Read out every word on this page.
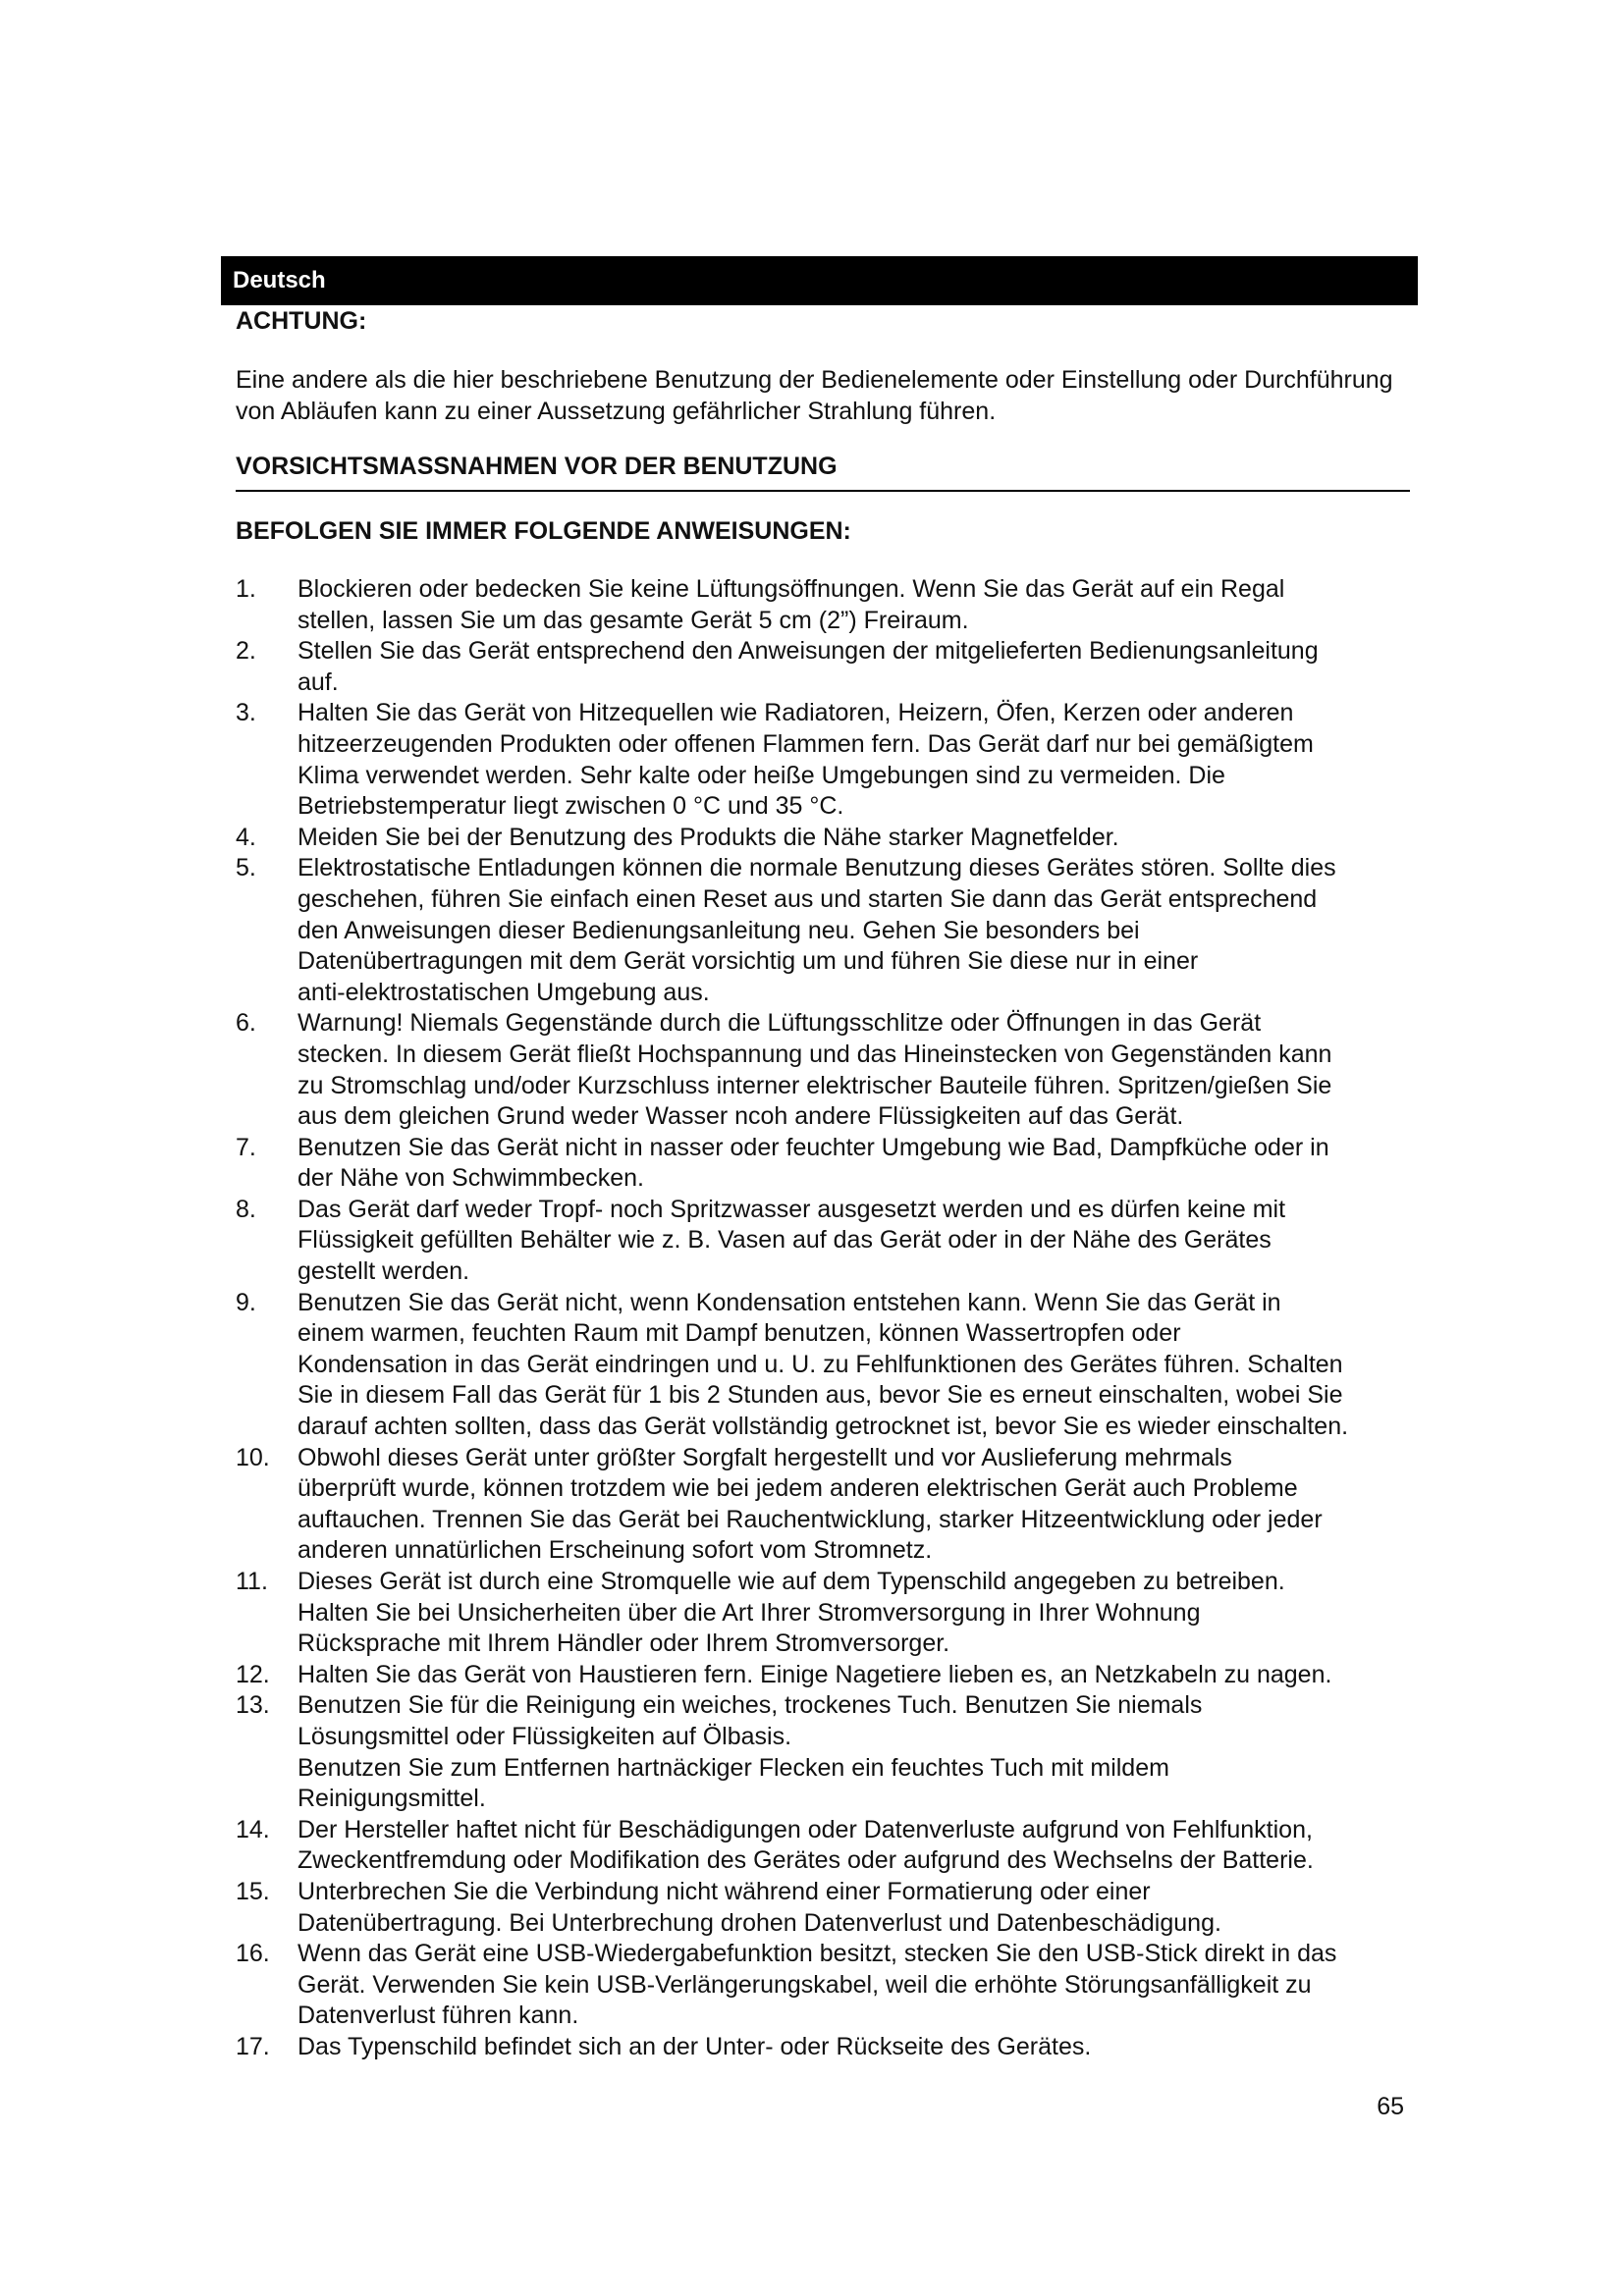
Deutsch

ACHTUNG:

Eine andere als die hier beschriebene Benutzung der Bedienelemente oder Einstellung oder Durchführung von Abläufen kann zu einer Aussetzung gefährlicher Strahlung führen.

VORSICHTSMASSNAHMEN VOR DER BENUTZUNG
BEFOLGEN SIE IMMER FOLGENDE ANWEISUNGEN:
1.	Blockieren oder bedecken Sie keine Lüftungsöffnungen. Wenn Sie das Gerät auf ein Regal
stellen, lassen Sie um das gesamte Gerät 5 cm (2”) Freiraum.
2.	Stellen Sie das Gerät entsprechend den Anweisungen der mitgelieferten Bedienungsanleitung
auf.
3.	Halten Sie das Gerät von Hitzequellen wie Radiatoren, Heizern, Öfen, Kerzen oder anderen
hitzeerzeugenden Produkten oder offenen Flammen fern. Das Gerät darf nur bei gemäßigtem
Klima verwendet werden. Sehr kalte oder heiße Umgebungen sind zu vermeiden. Die
Betriebstemperatur liegt zwischen 0 °C und 35 °C.
4.	Meiden Sie bei der Benutzung des Produkts die Nähe starker Magnetfelder.
5.	Elektrostatische Entladungen können die normale Benutzung dieses Gerätes stören. Sollte dies
geschehen, führen Sie einfach einen Reset aus und starten Sie dann das Gerät entsprechend
den Anweisungen dieser Bedienungsanleitung neu. Gehen Sie besonders bei
Datenübertragungen mit dem Gerät vorsichtig um und führen Sie diese nur in einer
anti-elektrostatischen Umgebung aus.
6.	Warnung! Niemals Gegenstände durch die Lüftungsschlitze oder Öffnungen in das Gerät
stecken. In diesem Gerät fließt Hochspannung und das Hineinstecken von Gegenständen kann
zu Stromschlag und/oder Kurzschluss interner elektrischer Bauteile führen. Spritzen/gießen Sie
aus dem gleichen Grund weder Wasser ncoh andere Flüssigkeiten auf das Gerät.
7.	Benutzen Sie das Gerät nicht in nasser oder feuchter Umgebung wie Bad, Dampfküche oder in
der Nähe von Schwimmbecken.
8.	Das Gerät darf weder Tropf- noch Spritzwasser ausgesetzt werden und es dürfen keine mit
Flüssigkeit gefüllten Behälter wie z. B. Vasen auf das Gerät oder in der Nähe des Gerätes
gestellt werden.
9.	Benutzen Sie das Gerät nicht, wenn Kondensation entstehen kann. Wenn Sie das Gerät in
einem warmen, feuchten Raum mit Dampf benutzen, können Wassertropfen oder
Kondensation in das Gerät eindringen und u. U. zu Fehlfunktionen des Gerätes führen. Schalten
Sie in diesem Fall das Gerät für 1 bis 2 Stunden aus, bevor Sie es erneut einschalten, wobei Sie
darauf achten sollten, dass das Gerät vollständig getrocknet ist, bevor Sie es wieder einschalten.
10.	Obwohl dieses Gerät unter größter Sorgfalt hergestellt und vor Auslieferung mehrmals
überprüft wurde, können trotzdem wie bei jedem anderen elektrischen Gerät auch Probleme
auftauchen. Trennen Sie das Gerät bei Rauchentwicklung, starker Hitzeentwicklung oder jeder
anderen unnatürlichen Erscheinung sofort vom Stromnetz.
11.	Dieses Gerät ist durch eine Stromquelle wie auf dem Typenschild angegeben zu betreiben.
Halten Sie bei Unsicherheiten über die Art Ihrer Stromversorgung in Ihrer Wohnung
Rücksprache mit Ihrem Händler oder Ihrem Stromversorger.
12.	Halten Sie das Gerät von Haustieren fern. Einige Nagetiere lieben es, an Netzkabeln zu nagen.
13.	Benutzen Sie für die Reinigung ein weiches, trockenes Tuch. Benutzen Sie niemals
Lösungsmittel oder Flüssigkeiten auf Ölbasis.
Benutzen Sie zum Entfernen hartnäckiger Flecken ein feuchtes Tuch mit mildem
Reinigungsmittel.
14.	Der Hersteller haftet nicht für Beschädigungen oder Datenverluste aufgrund von Fehlfunktion,
Zweckentfremdung oder Modifikation des Gerätes oder aufgrund des Wechselns der Batterie.
15.	Unterbrechen Sie die Verbindung nicht während einer Formatierung oder einer
Datenübertragung. Bei Unterbrechung drohen Datenverlust und Datenbeschädigung.
16.	Wenn das Gerät eine USB-Wiedergabefunktion besitzt, stecken Sie den USB-Stick direkt in das
Gerät. Verwenden Sie kein USB-Verlängerungskabel, weil die erhöhte Störungsanfälligkeit zu
Datenverlust führen kann.
17.	Das Typenschild befindet sich an der Unter- oder Rückseite des Gerätes.
65
